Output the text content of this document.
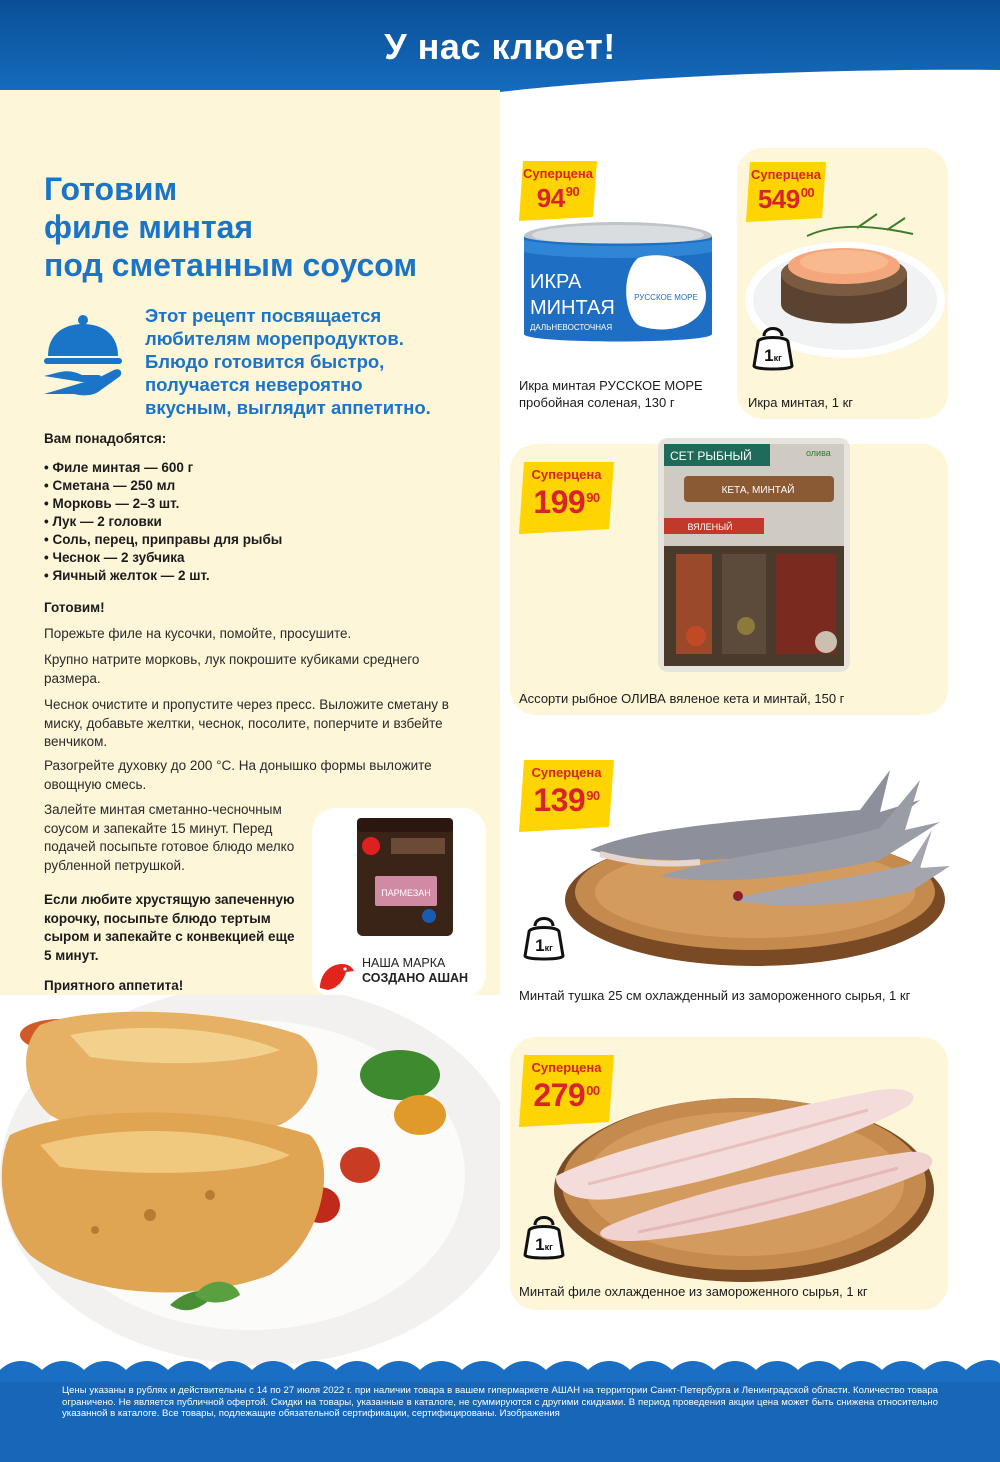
У нас клюет!
Готовим
филе минтая
под сметанным соусом
Этот рецепт посвящается
любителям морепродуктов.
Блюдо готовится быстро,
получается невероятно
вкусным, выглядит аппетитно.
Вам понадобятся:
• Филе минтая — 600 г
• Сметана — 250 мл
• Морковь — 2–3 шт.
• Лук — 2 головки
• Соль, перец, приправы для рыбы
• Чеснок — 2 зубчика
• Яичный желток — 2 шт.
Готовим!
Порежьте филе на кусочки, помойте, просушите.
Крупно натрите морковь, лук покрошите кубиками среднего размера.
Чеснок очистите и пропустите через пресс. Выложите сметану в миску, добавьте желтки, чеснок, посолите, поперчите и взбейте венчиком.
Разогрейте духовку до 200 °С. На донышко формы выложите овощную смесь.
Залейте минтая сметанно-чесночным соусом и запекайте 15 минут. Перед подачей посыпьте готовое блюдо мелко рубленной петрушкой.
Если любите хрустящую запеченную корочку, посыпьте блюдо тертым сыром и запекайте с конвекцией еще 5 минут.
Приятного аппетита!
ПАРМЕЗАН
НАША МАРКА
СОЗДАНО АШАН
Суперцена
$94^{90}$
ИКРА
МИНТАЯ
ДАЛЬНЕВОСТОЧНАЯ
РУССКОЕ МОРЕ
Икра минтая РУССКОЕ МОРЕ
пробойная соленая, 130 г
Суперцена
$549^{00}$
1кг
Икра минтая, 1 кг
Суперцена
$199^{90}$
СЕТ РЫБНЫЙ
КЕТА, МИНТАЙ
ВЯЛЕНЫЙ
олива
Ассорти рыбное ОЛИВА вяленое кета и минтай, 150 г
Суперцена
$139^{90}$
1кг
Минтай тушка 25 см охлажденный из замороженного сырья, 1 кг
Суперцена
$279^{00}$
1кг
Минтай филе охлажденное из замороженного сырья, 1 кг
Цены указаны в рублях и действительны с 14 по 27 июля 2022 г. при наличии товара в вашем гипермаркете АШАН на территории Санкт-Петербурга и Ленинградской области. Количество товара ограничено. Не является публичной офертой. Скидки на товары, указанные в каталоге, не суммируются с другими скидками. В период проведения акции цена может быть снижена относительно указанной в каталоге. Все товары, подлежащие обязательной сертификации, сертифицированы. Изображения
